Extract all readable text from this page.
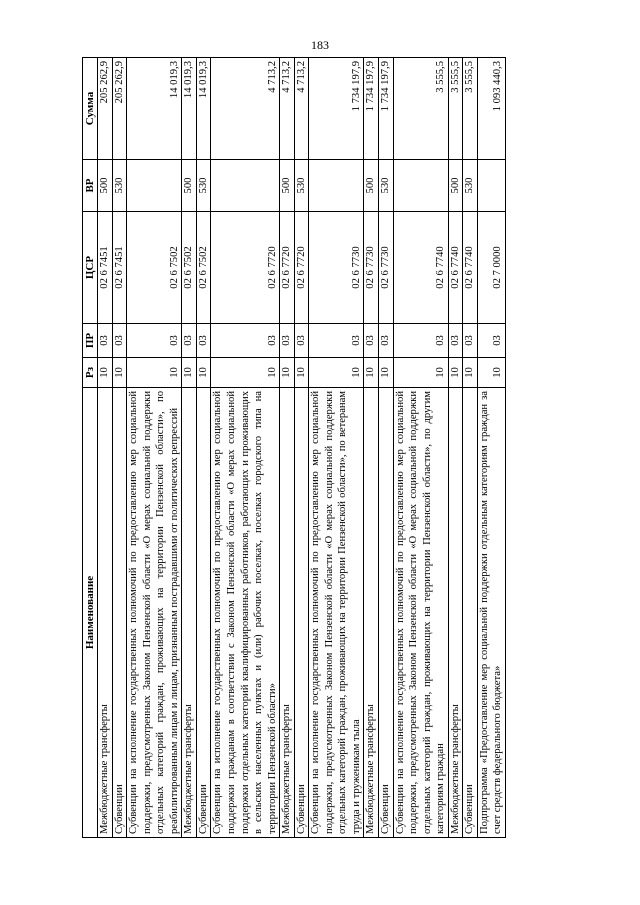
183
Наименование	Рз	ПР	ЦСР	ВР	Сумма
Межбюджетные трансферты	10	03	02 6 7451	500	205 262,9
Субвенции	10	03	02 6 7451	530	205 262,9
Субвенции на исполнение государственных полномочий по предоставлению мер социальной поддержки, предусмотренных Законом Пензенской области «О мерах социальной поддержки отдельных категорий граждан, проживающих на территории Пензенской области», по реабилитированным лицам и лицам, признанным пострадавшими от политических репрессий	10	03	02 6 7502		14 019,3
Межбюджетные трансферты	10	03	02 6 7502	500	14 019,3
Субвенции	10	03	02 6 7502	530	14 019,3
Субвенции на исполнение государственных полномочий по предоставлению мер социальной поддержки гражданам в соответствии с Законом Пензенской области «О мерах социальной поддержки отдельных категорий квалифицированных работников, работающих и проживающих в сельских населенных пунктах и (или) рабочих поселках, поселках городского типа на территории Пензенской области»	10	03	02 6 7720		4 713,2
Межбюджетные трансферты	10	03	02 6 7720	500	4 713,2
Субвенции	10	03	02 6 7720	530	4 713,2
Субвенции на исполнение государственных полномочий по предоставлению мер социальной поддержки, предусмотренных Законом Пензенской области «О мерах социальной поддержки отдельных категорий граждан, проживающих на территории Пензенской области», по ветеранам труда и труженикам тыла	10	03	02 6 7730		1 734 197,9
Межбюджетные трансферты	10	03	02 6 7730	500	1 734 197,9
Субвенции	10	03	02 6 7730	530	1 734 197,9
Субвенции на исполнение государственных полномочий по предоставлению мер социальной поддержки, предусмотренных Законом Пензенской области «О мерах социальной поддержки отдельных категорий граждан, проживающих на территории Пензенской области», по другим категориям граждан	10	03	02 6 7740		3 555,5
Межбюджетные трансферты	10	03	02 6 7740	500	3 555,5
Субвенции	10	03	02 6 7740	530	3 555,5
Подпрограмма «Предоставление мер социальной поддержки отдельным категориям граждан за счет средств федерального бюджета»	10	03	02 7 0000		1 093 440,3
